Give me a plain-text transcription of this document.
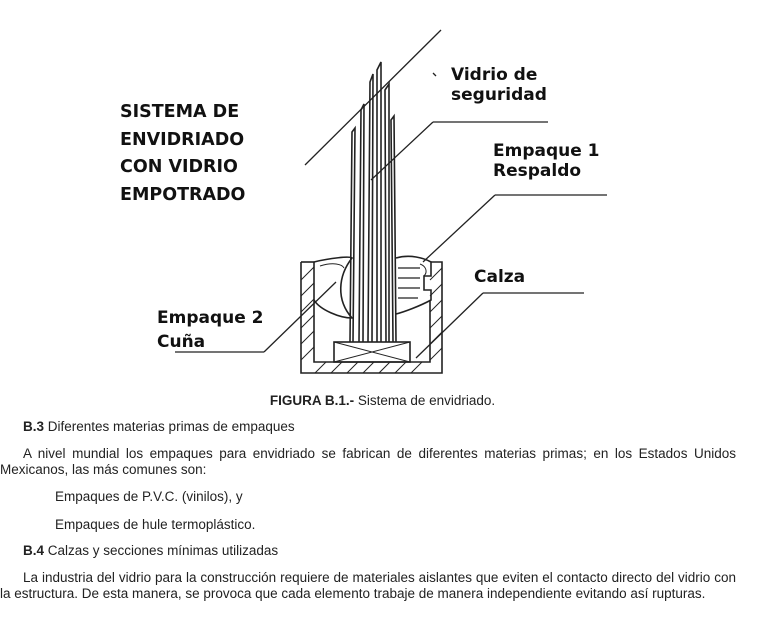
SISTEMA DE
ENVIDRIADO
CON VIDRIO
EMPOTRADO
Vidrio de
seguridad
Empaque 1
Respaldo
Calza
Empaque 2
Cuña
FIGURA B.1.- Sistema de envidriado.
B.3 Diferentes materias primas de empaques
A nivel mundial los empaques para envidriado se fabrican de diferentes materias primas; en los Estados Unidos Mexicanos, las más comunes son:
Empaques de P.V.C. (vinilos), y
Empaques de hule termoplástico.
B.4 Calzas y secciones mínimas utilizadas
La industria del vidrio para la construcción requiere de materiales aislantes que eviten el contacto directo del vidrio con la estructura. De esta manera, se provoca que cada elemento trabaje de manera independiente evitando así rupturas.
